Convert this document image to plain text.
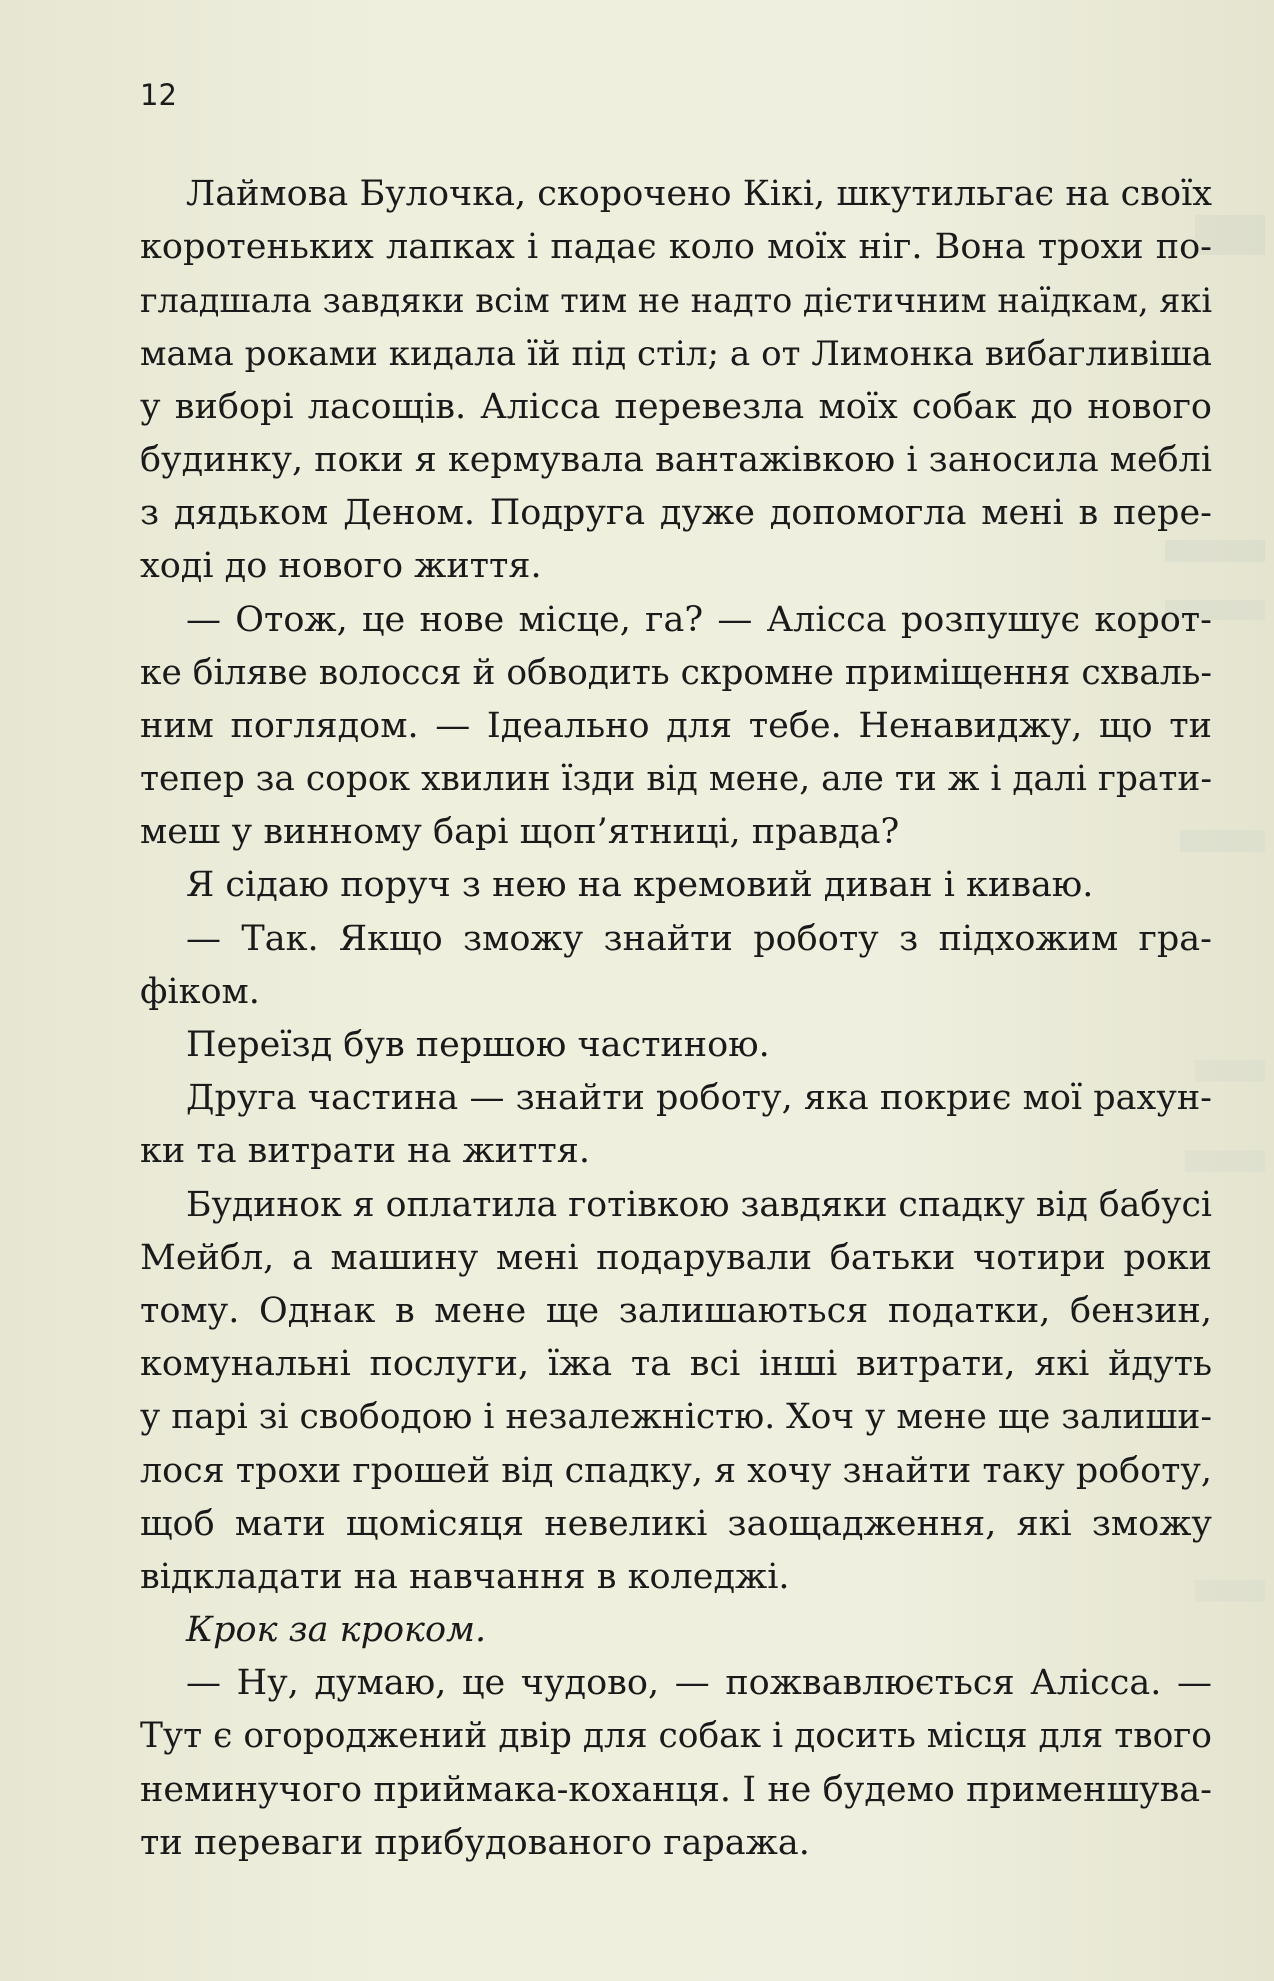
12
Лаймова Булочка, скорочено Кікі, шкутильгає на своїх
коротеньких лапках і падає коло моїх ніг. Вона трохи по-
гладшала завдяки всім тим не надто дієтичним наїдкам, які
мама роками кидала їй під стіл; а от Лимонка вибагливіша
у виборі ласощів. Алісса перевезла моїх собак до нового
будинку, поки я кермувала вантажівкою і заносила меблі
з дядьком Деном. Подруга дуже допомогла мені в пере-
ході до нового життя.
— Отож, це нове місце, га? — Алісса розпушує корот-
ке біляве волосся й обводить скромне приміщення схваль-
ним поглядом. — Ідеально для тебе. Ненавиджу, що ти
тепер за сорок хвилин їзди від мене, але ти ж і далі грати-
меш у винному барі щоп’ятниці, правда?
Я сідаю поруч з нею на кремовий диван і киваю.
— Так. Якщо зможу знайти роботу з підхожим гра-
фіком.
Переїзд був першою частиною.
Друга частина — знайти роботу, яка покриє мої рахун-
ки та витрати на життя.
Будинок я оплатила готівкою завдяки спадку від бабусі
Мейбл, а машину мені подарували батьки чотири роки
тому. Однак в мене ще залишаються податки, бензин,
комунальні послуги, їжа та всі інші витрати, які йдуть
у парі зі свободою і незалежністю. Хоч у мене ще залиши-
лося трохи грошей від спадку, я хочу знайти таку роботу,
щоб мати щомісяця невеликі заощадження, які зможу
відкладати на навчання в коледжі.
Крок за кроком.
— Ну, думаю, це чудово, — пожвавлюється Алісса. —
Тут є огороджений двір для собак і досить місця для твого
неминучого приймака-коханця. І не будемо применшува-
ти переваги прибудованого гаража.
